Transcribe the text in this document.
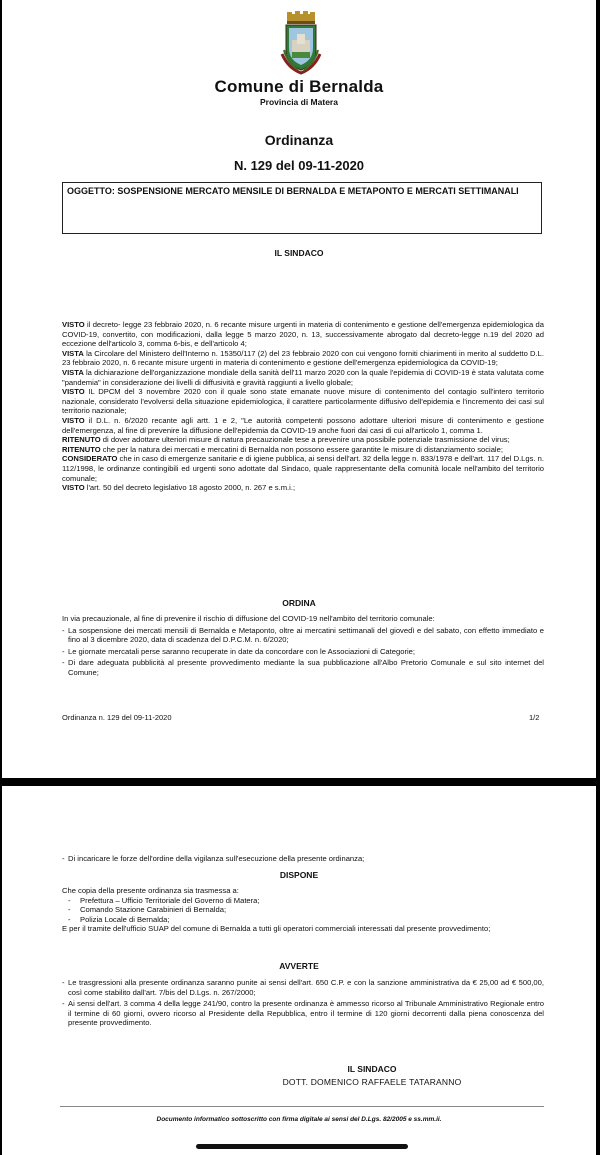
Comune di Bernalda
Provincia di Matera
Ordinanza
N. 129 del 09-11-2020
OGGETTO: SOSPENSIONE MERCATO MENSILE DI BERNALDA E METAPONTO E MERCATI SETTIMANALI
IL SINDACO

VISTO il decreto- legge 23 febbraio 2020, n. 6 recante misure urgenti in materia di contenimento e gestione dell'emergenza epidemiologica da COVID-19, convertito, con modificazioni, dalla legge 5 marzo 2020, n. 13, successivamente abrogato dal decreto-legge n.19 del 2020 ad eccezione dell'articolo 3, comma 6-bis, e dell'articolo 4;

VISTA la Circolare del Ministero dell'Interno n. 15350/117 (2) del 23 febbraio 2020 con cui vengono forniti chiarimenti in merito al suddetto D.L. 23 febbraio 2020, n. 6 recante misure urgenti in materia di contenimento e gestione dell'emergenza epidemiologica da COVID-19;

VISTA la dichiarazione dell'organizzazione mondiale della sanità dell'11 marzo 2020 con la quale l'epidemia di COVID-19 è stata valutata come "pandemia" in considerazione dei livelli di diffusività e gravità raggiunti a livello globale;

VISTO IL DPCM del 3 novembre 2020 con il quale sono state emanate nuove misure di contenimento del contagio sull'intero territorio nazionale, considerato l'evolversi della situazione epidemiologica, il carattere particolarmente diffusivo dell'epidemia e l'incremento dei casi sul territorio nazionale;

VISTO il D.L. n. 6/2020 recante agli artt. 1 e 2, "Le autorità competenti possono adottare ulteriori misure di contenimento e gestione dell'emergenza, al fine di prevenire la diffusione dell'epidemia da COVID-19 anche fuori dai casi di cui all'articolo 1, comma 1.

RITENUTO di dover adottare ulteriori misure di natura precauzionale tese a prevenire una possibile potenziale trasmissione del virus;

RITENUTO che per la natura dei mercati e mercatini di Bernalda non possono essere garantite le misure di distanziamento sociale;

CONSIDERATO che in caso di emergenze sanitarie e di igiene pubblica, ai sensi dell'art. 32 della legge n. 833/1978 e dell'art. 117 del D.Lgs. n. 112/1998, le ordinanze contingibili ed urgenti sono adottate dal Sindaco, quale rappresentante della comunità locale nell'ambito del territorio comunale;

VISTO l'art. 50 del decreto legislativo 18 agosto 2000, n. 267 e s.m.i.;

ORDINA

In via precauzionale, al fine di prevenire il rischio di diffusione del COVID-19 nell'ambito del territorio comunale:

- La sospensione dei mercati mensili di Bernalda e Metaponto, oltre ai mercatini settimanali del giovedì e del sabato, con effetto immediato e fino al 3 dicembre 2020, data di scadenza del D.P.C.M. n. 6/2020;

- Le giornate mercatali perse saranno recuperate in date da concordare con le Associazioni di Categorie;

- Di dare adeguata pubblicità al presente provvedimento mediante la sua pubblicazione all'Albo Pretorio Comunale e sul sito internet del Comune;

Ordinanza n. 129 del 09-11-2020	1/2

- Di incaricare le forze dell'ordine della vigilanza sull'esecuzione della presente ordinanza;

DISPONE

Che copia della presente ordinanza sia trasmessa a:

- Prefettura – Ufficio Territoriale del Governo di Matera;

- Comando Stazione Carabinieri di Bernalda;

- Polizia Locale di Bernalda;

E per il tramite dell'ufficio SUAP del comune di Bernalda a tutti gli operatori commerciali interessati dal presente provvedimento;

AVVERTE

- Le trasgressioni alla presente ordinanza saranno punite ai sensi dell'art. 650 C.P. e con la sanzione amministrativa da € 25,00 ad € 500,00, così come stabilito dall'art. 7/bis del D.Lgs. n. 267/2000;

- Ai sensi dell'art. 3 comma 4 della legge 241/90, contro la presente ordinanza è ammesso ricorso al Tribunale Amministrativo Regionale entro il termine di 60 giorni, ovvero ricorso al Presidente della Repubblica, entro il termine di 120 giorni decorrenti dalla piena conoscenza del presente provvedimento.

IL SINDACO
DOTT. DOMENICO RAFFAELE TATARANNO
Documento informatico sottoscritto con firma digitale ai sensi del D.Lgs. 82/2005 e ss.mm.ii.
